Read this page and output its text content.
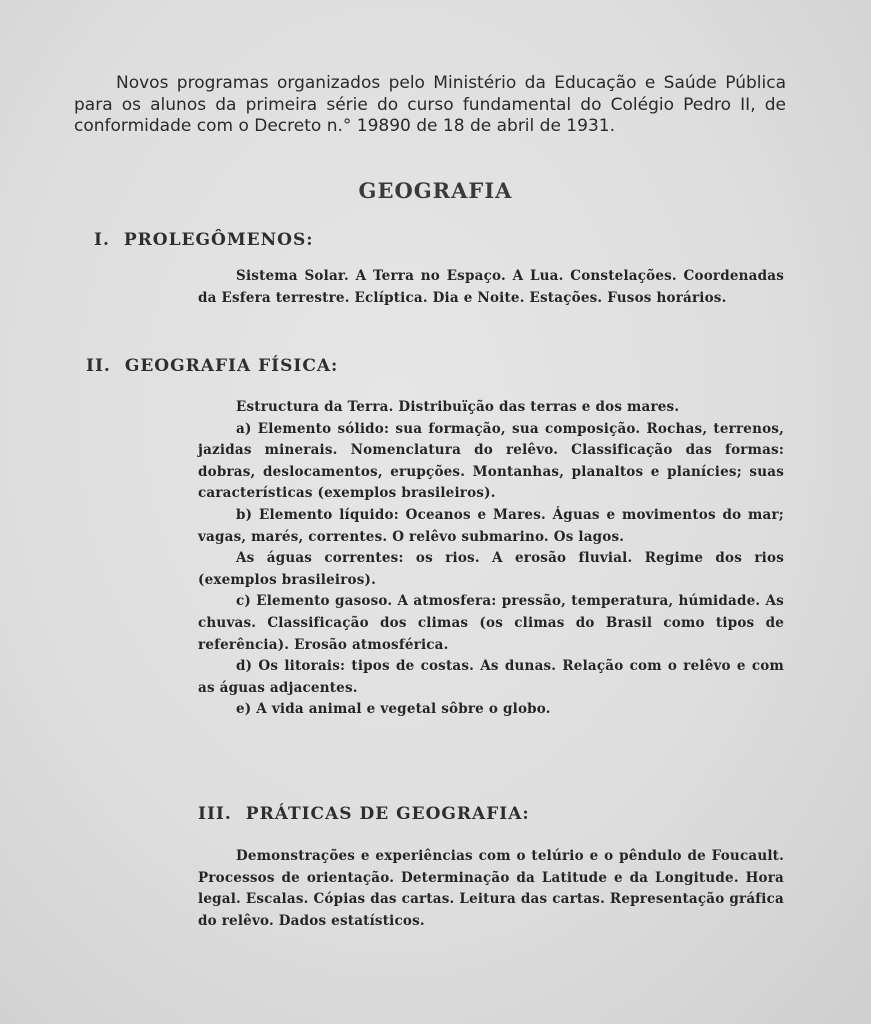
Novos programas organizados pelo Ministério da Educação e Saúde Pública para os alunos da primeira série do curso fundamental do Colégio Pedro II, de conformidade com o Decreto n.° 19890 de 18 de abril de 1931.
GEOGRAFIA
I. PROLEGÔMENOS:

Sistema Solar. A Terra no Espaço. A Lua. Constelações. Coordenadas da Esfera terrestre. Eclíptica. Dia e Noite. Estações. Fusos horários.

II. GEOGRAFIA FÍSICA:

Estructura da Terra. Distribuïção das terras e dos mares.

a) Elemento sólido: sua formação, sua composição. Rochas, terrenos, jazidas minerais. Nomenclatura do relêvo. Classificação das formas: dobras, deslocamentos, erupções. Montanhas, planaltos e planícies; suas características (exemplos brasileiros).

b) Elemento líquido: Oceanos e Mares. Águas e movimentos do mar; vagas, marés, correntes. O relêvo submarino. Os lagos.

As águas correntes: os rios. A erosão fluvial. Regime dos rios (exemplos brasileiros).

c) Elemento gasoso. A atmosfera: pressão, temperatura, húmidade. As chuvas. Classificação dos climas (os climas do Brasil como tipos de referência). Erosão atmosférica.

d) Os litorais: tipos de costas. As dunas. Relação com o relêvo e com as águas adjacentes.

e) A vida animal e vegetal sôbre o globo.

III. PRÁTICAS DE GEOGRAFIA:

Demonstrações e experiências com o telúrio e o pêndulo de Foucault. Processos de orientação. Determinação da Latitude e da Longitude. Hora legal. Escalas. Cópias das cartas. Leitura das cartas. Representação gráfica do relêvo. Dados estatísticos.
